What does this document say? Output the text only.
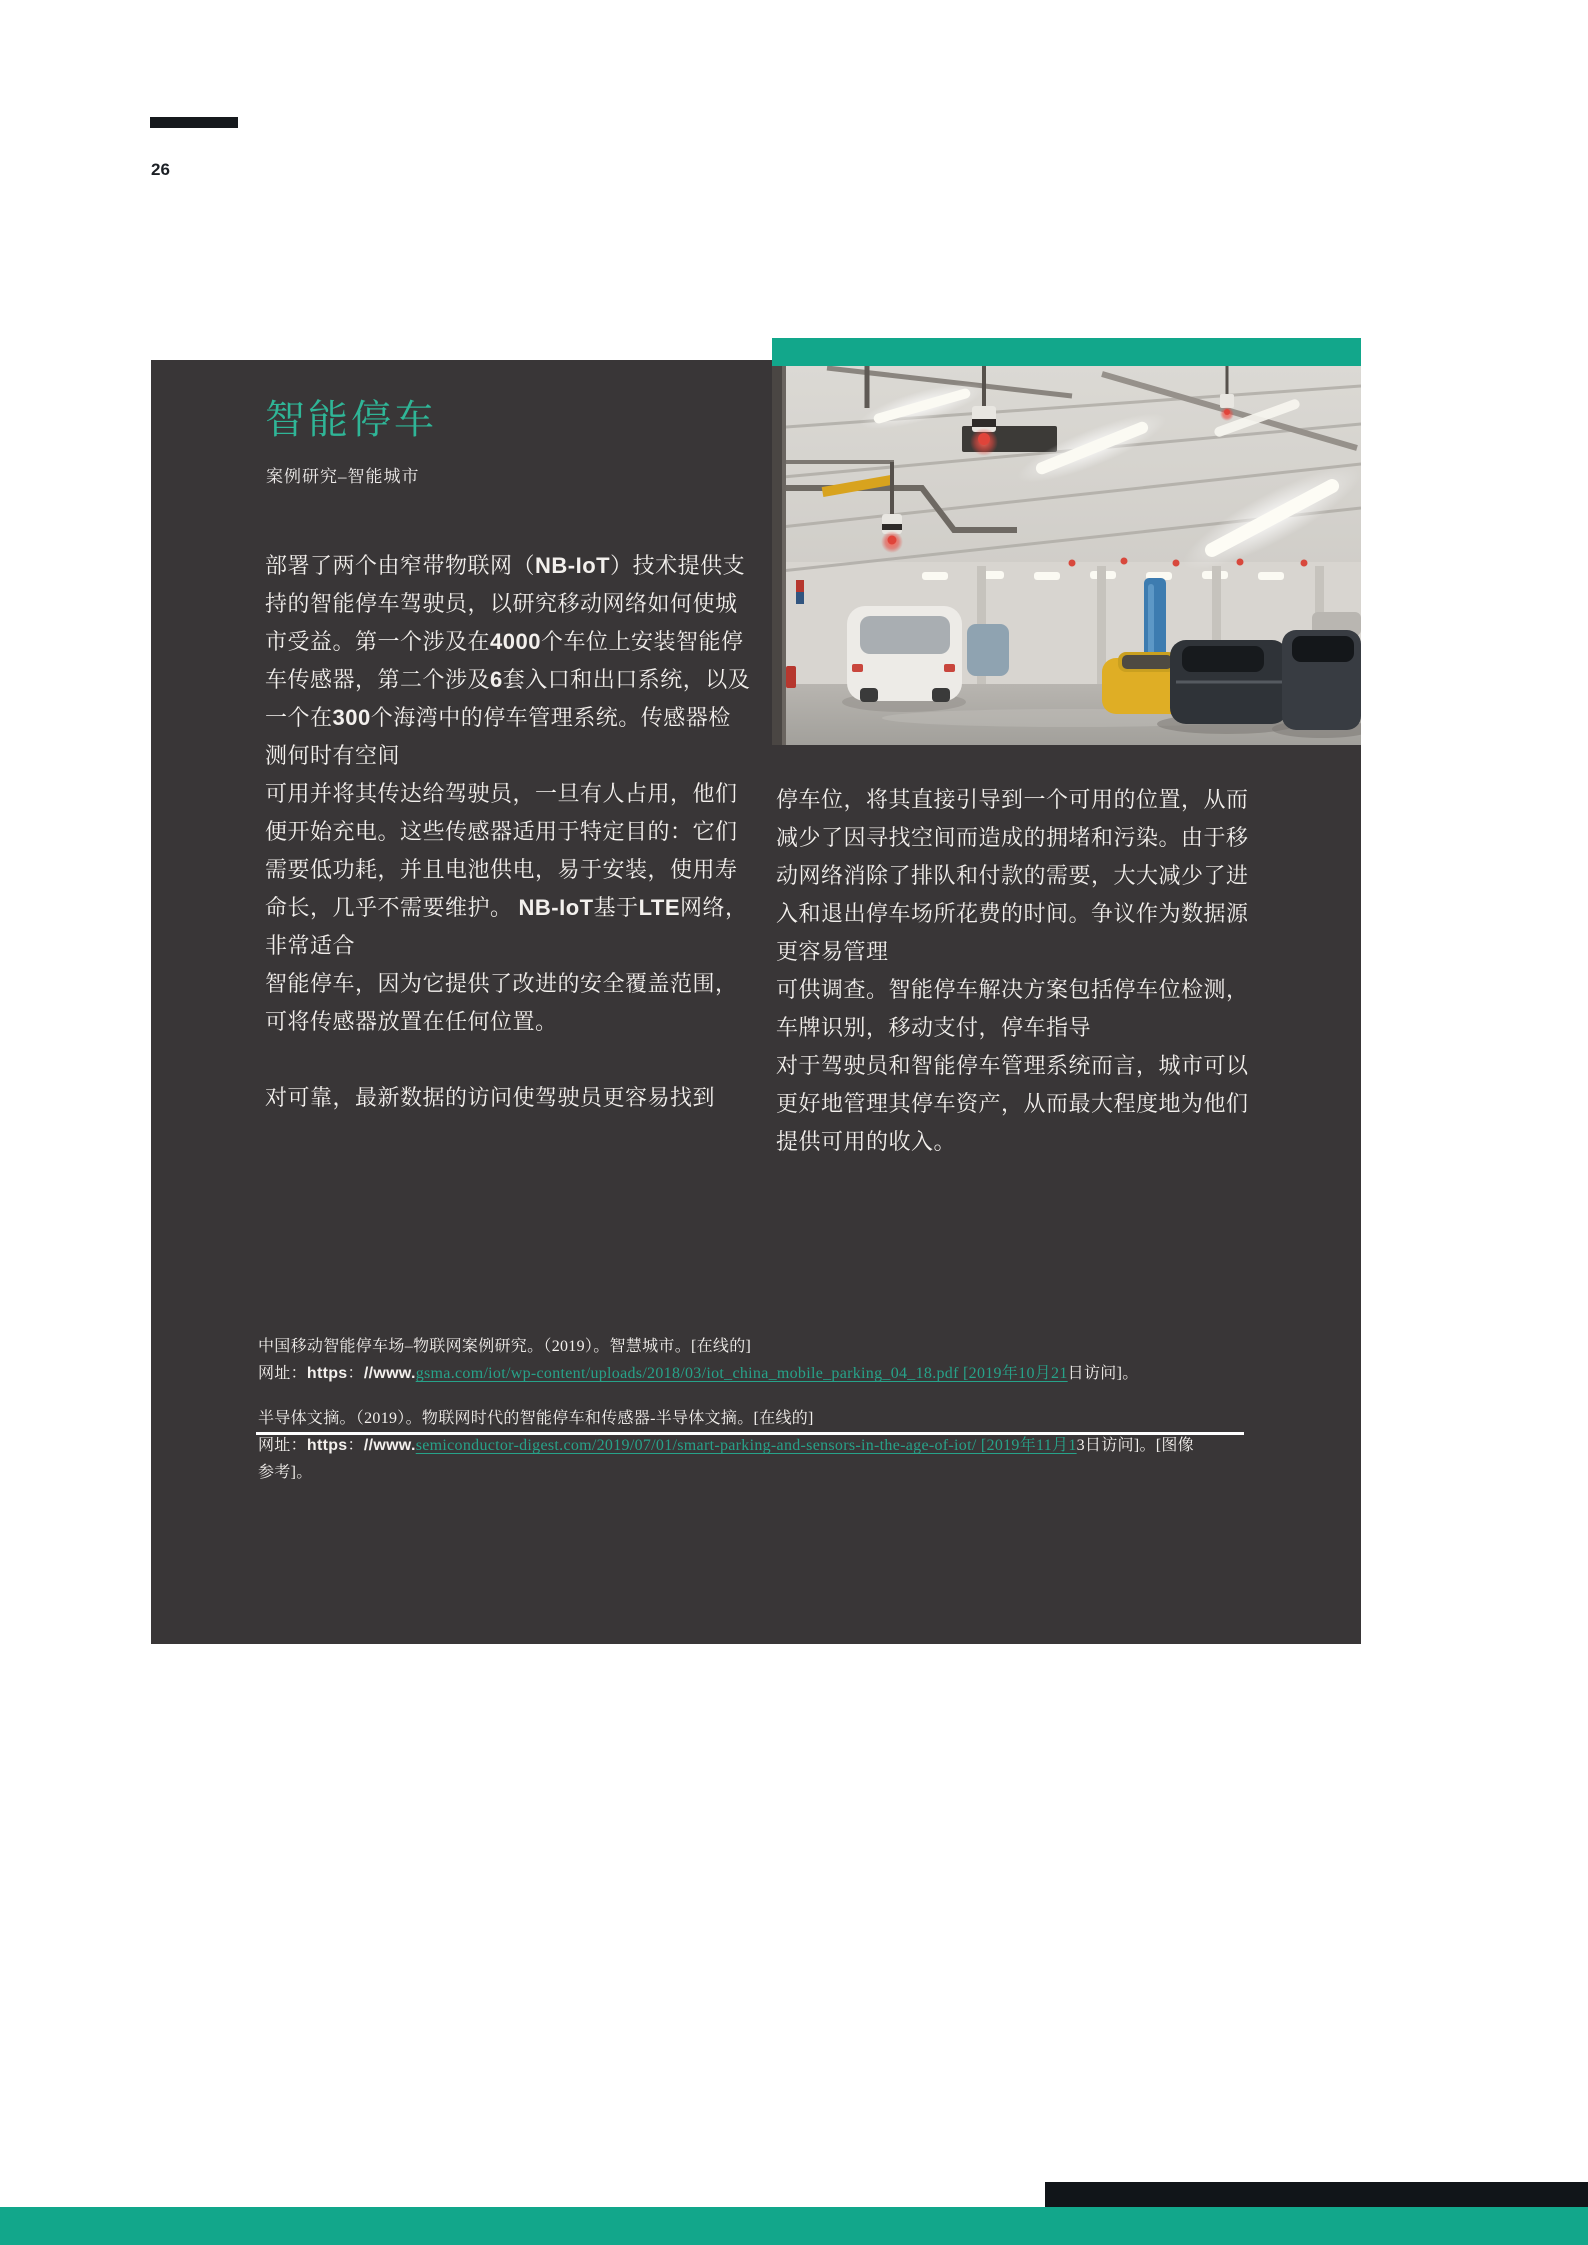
26
智能停车
案例研究–智能城市

部署了两个由窄带物联网（NB-IoT）技术提供支持的智能停车驾驶员，以研究移动网络如何使城市受益。第一个涉及在4000个车位上安装智能停车传感器，第二个涉及6套入口和出口系统，以及一个在300个海湾中的停车管理系统。传感器检测何时有空间

可用并将其传达给驾驶员，一旦有人占用，他们便开始充电。这些传感器适用于特定目的：它们需要低功耗，并且电池供电，易于安装，使用寿命长，几乎不需要维护。 NB-IoT基于LTE网络，非常适合

智能停车，因为它提供了改进的安全覆盖范围，可将传感器放置在任何位置。

对可靠，最新数据的访问使驾驶员更容易找到

停车位，将其直接引导到一个可用的位置，从而减少了因寻找空间而造成的拥堵和污染。由于移动网络消除了排队和付款的需要，大大减少了进入和退出停车场所花费的时间。争议作为数据源更容易管理

可供调查。智能停车解决方案包括停车位检测，车牌识别，移动支付，停车指导

对于驾驶员和智能停车管理系统而言，城市可以更好地管理其停车资产，从而最大程度地为他们提供可用的收入。

中国移动智能停车场–物联网案例研究。（2019）。智慧城市。[在线的]
网址：https：//www.gsma.com/iot/wp-content/uploads/2018/03/iot_china_mobile_parking_04_18.pdf [2019年10月21日访问]。
半导体文摘。（2019）。物联网时代的智能停车和传感器-半导体文摘。[在线的]
网址：https：//www.semiconductor-digest.com/2019/07/01/smart-parking-and-sensors-in-the-age-of-iot/ [2019年11月13日访问]。[图像
参考]。
